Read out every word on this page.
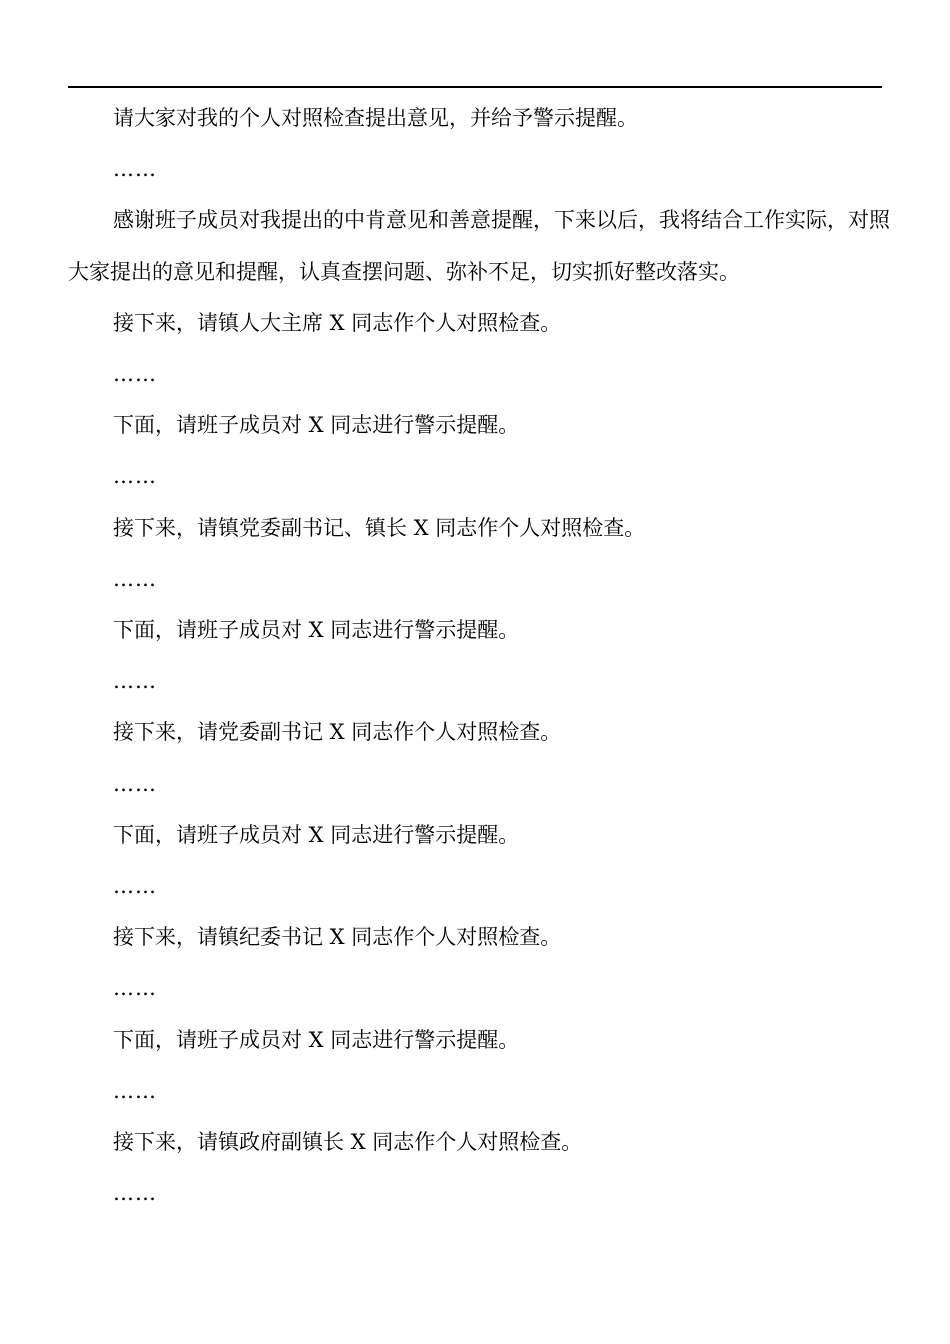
请大家对我的个人对照检查提出意见，并给予警示提醒。

……

感谢班子成员对我提出的中肯意见和善意提醒，下来以后，我将结合工作实际，对照大家提出的意见和提醒，认真查摆问题、弥补不足，切实抓好整改落实。

接下来，请镇人大主席 X 同志作个人对照检查。

……

下面，请班子成员对 X 同志进行警示提醒。

……

接下来，请镇党委副书记、镇长 X 同志作个人对照检查。

……

下面，请班子成员对 X 同志进行警示提醒。

……

接下来，请党委副书记 X 同志作个人对照检查。

……

下面，请班子成员对 X 同志进行警示提醒。

……

接下来，请镇纪委书记 X 同志作个人对照检查。

……

下面，请班子成员对 X 同志进行警示提醒。

……

接下来，请镇政府副镇长 X 同志作个人对照检查。

……
